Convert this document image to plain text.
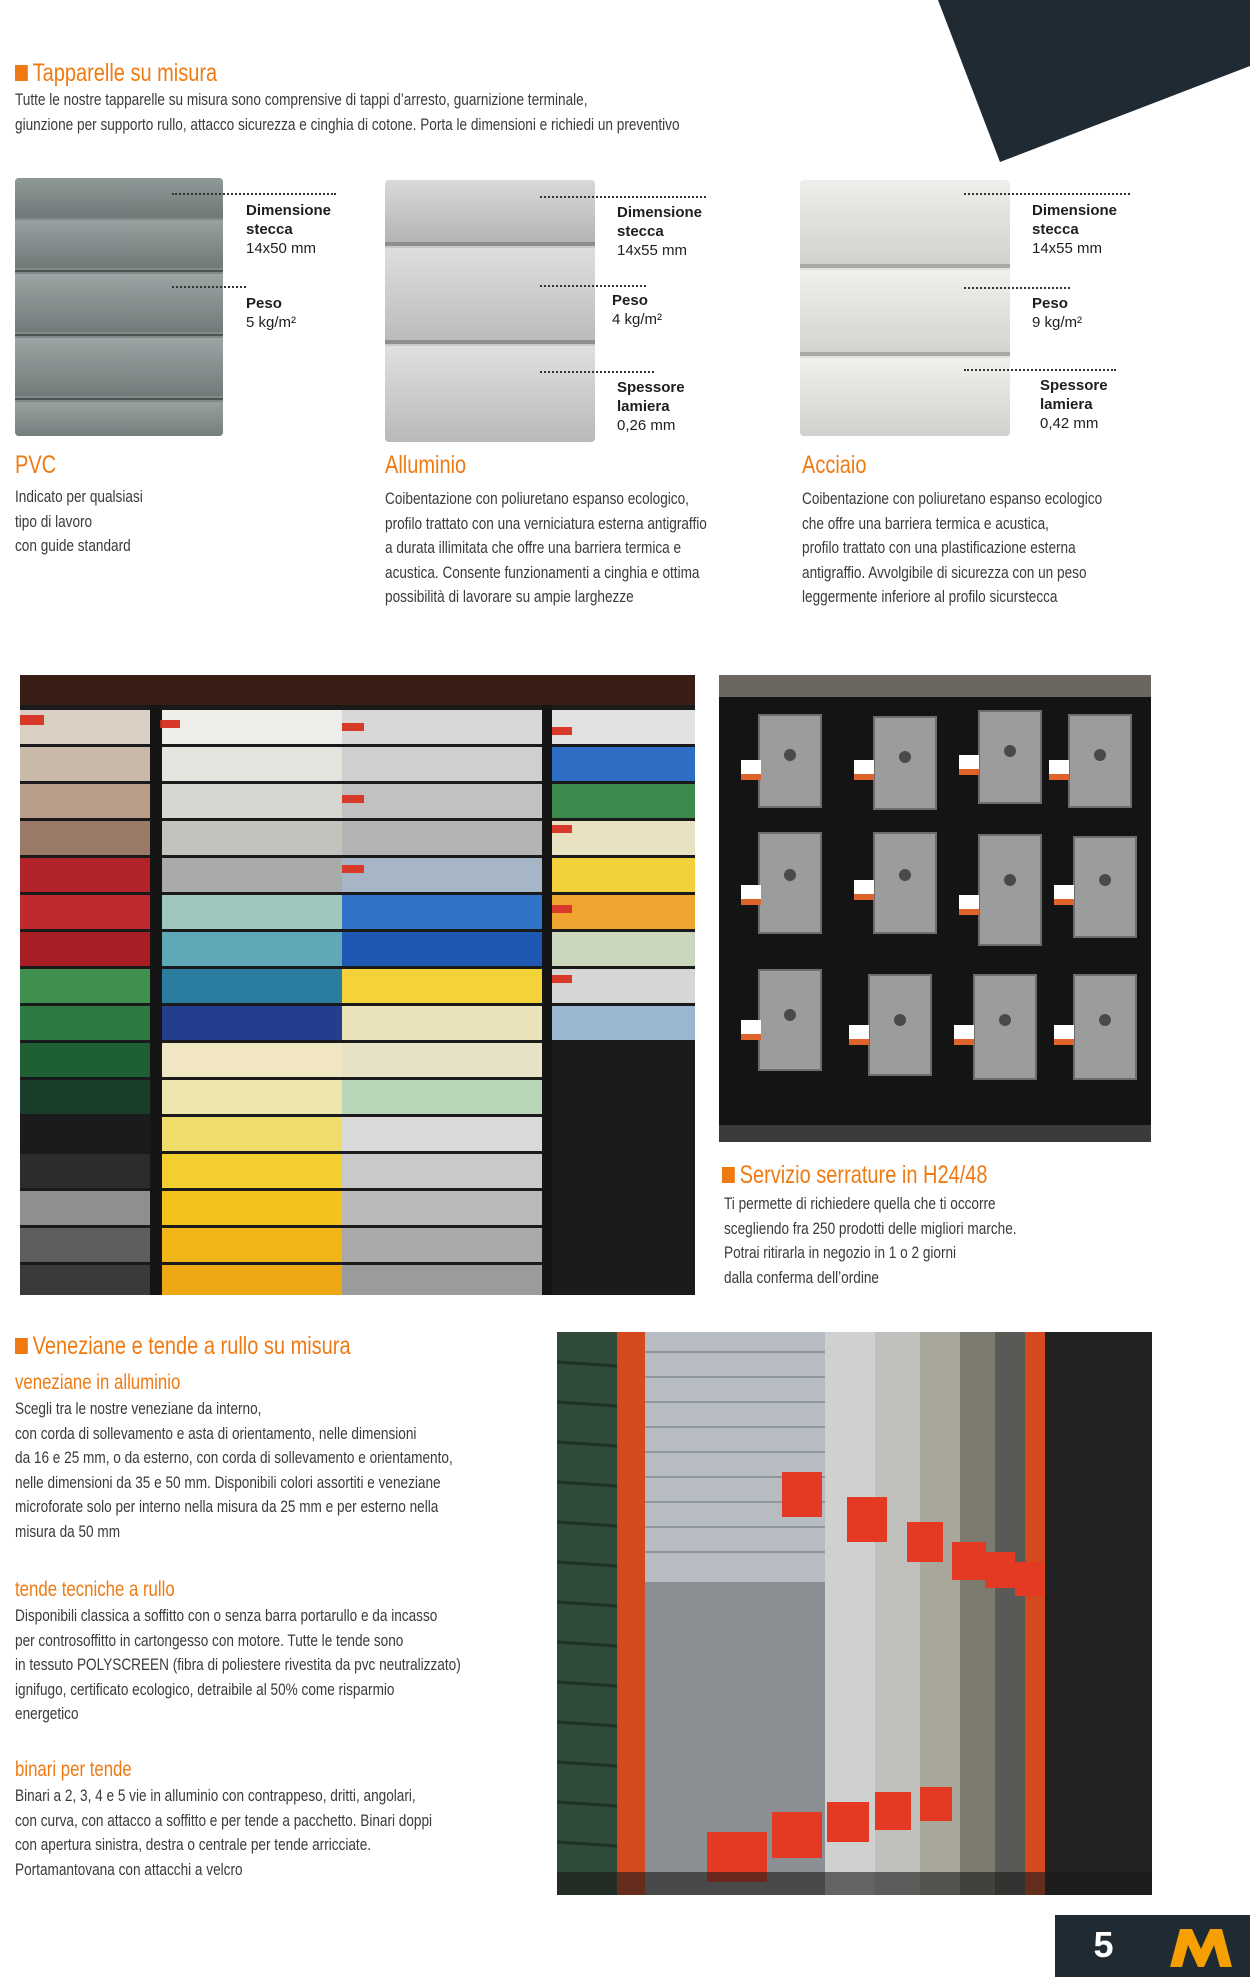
Tapparelle su misura
Tutte le nostre tapparelle su misura sono comprensive di tappi d’arresto, guarnizione terminale,
giunzione per supporto rullo, attacco sicurezza e cinghia di cotone. Porta le dimensioni e richiedi un preventivo
Dimensione
stecca
14x50 mm
Peso
5 kg/m²
Dimensione
stecca
14x55 mm
Peso
4 kg/m²
Spessore
lamiera
0,26 mm
Dimensione
stecca
14x55 mm
Peso
9 kg/m²
Spessore
lamiera
0,42 mm
PVC
Indicato per qualsiasi
tipo di lavoro
con guide standard
Alluminio
Coibentazione con poliuretano espanso ecologico,
profilo trattato con una verniciatura esterna antigraffio
a durata illimitata che offre una barriera termica e
acustica. Consente funzionamenti a cinghia e ottima
possibilità di lavorare su ampie larghezze
Acciaio
Coibentazione con poliuretano espanso ecologico
che offre una barriera termica e acustica,
profilo trattato con una plastificazione esterna
antigraffio. Avvolgibile di sicurezza con un peso
leggermente inferiore al profilo sicurstecca
Servizio serrature in H24/48
Ti permette di richiedere quella che ti occorre
scegliendo fra 250 prodotti delle migliori marche.
Potrai ritirarla in negozio in 1 o 2 giorni
dalla conferma dell’ordine
Veneziane e tende a rullo su misura
veneziane in alluminio
Scegli tra le nostre veneziane da interno,
con corda di sollevamento e asta di orientamento, nelle dimensioni
da 16 e 25 mm, o da esterno, con corda di sollevamento e orientamento,
nelle dimensioni da 35 e 50 mm. Disponibili colori assortiti e veneziane
microforate solo per interno nella misura da 25 mm e per esterno nella
misura da 50 mm
tende tecniche a rullo
Disponibili classica a soffitto con o senza barra portarullo e da incasso
per controsoffitto in cartongesso con motore. Tutte le tende sono
in tessuto POLYSCREEN (fibra di poliestere rivestita da pvc neutralizzato)
ignifugo, certificato ecologico, detraibile al 50% come risparmio
energetico
binari per tende
Binari a 2, 3, 4 e 5 vie in alluminio con contrappeso, dritti, angolari,
con curva, con attacco a soffitto e per tende a pacchetto. Binari doppi
con apertura sinistra, destra o centrale per tende arricciate.
Portamantovana con attacchi a velcro
5
